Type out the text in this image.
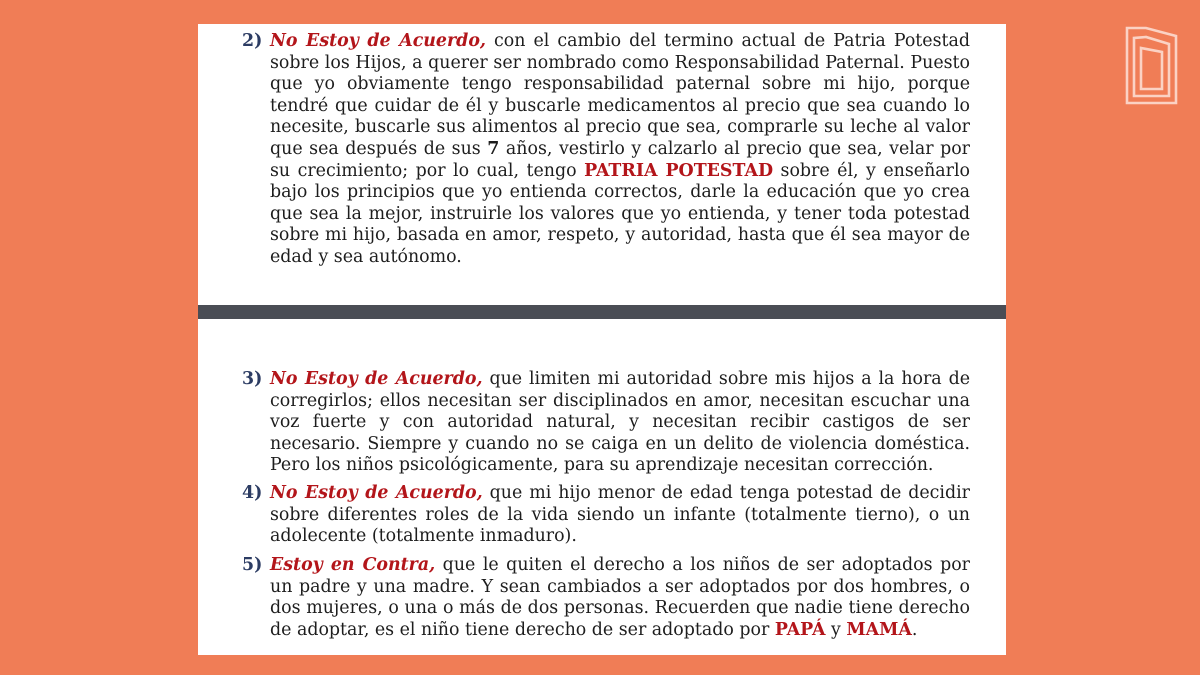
2) No Estoy de Acuerdo, con el cambio del termino actual de Patria Potestad sobre los Hijos, a querer ser nombrado como Responsabilidad Paternal. Puesto que yo obviamente tengo responsabilidad paternal sobre mi hijo, porque tendré que cuidar de él y buscarle medicamentos al precio que sea cuando lo necesite, buscarle sus alimentos al precio que sea, comprarle su leche al valor que sea después de sus 7 años, vestirlo y calzarlo al precio que sea, velar por su crecimiento; por lo cual, tengo PATRIA POTESTAD sobre él, y enseñarlo bajo los principios que yo entienda correctos, darle la educación que yo crea que sea la mejor, instruirle los valores que yo entienda, y tener toda potestad sobre mi hijo, basada en amor, respeto, y autoridad, hasta que él sea mayor de edad y sea autónomo.
3) No Estoy de Acuerdo, que limiten mi autoridad sobre mis hijos a la hora de corregirlos; ellos necesitan ser disciplinados en amor, necesitan escuchar una voz fuerte y con autoridad natural, y necesitan recibir castigos de ser necesario. Siempre y cuando no se caiga en un delito de violencia doméstica. Pero los niños psicológicamente, para su aprendizaje necesitan corrección.
4) No Estoy de Acuerdo, que mi hijo menor de edad tenga potestad de decidir sobre diferentes roles de la vida siendo un infante (totalmente tierno), o un adolecente (totalmente inmaduro).
5) Estoy en Contra, que le quiten el derecho a los niños de ser adoptados por un padre y una madre. Y sean cambiados a ser adoptados por dos hombres, o dos mujeres, o una o más de dos personas. Recuerden que nadie tiene derecho de adoptar, es el niño tiene derecho de ser adoptado por PAPÁ y MAMÁ.
